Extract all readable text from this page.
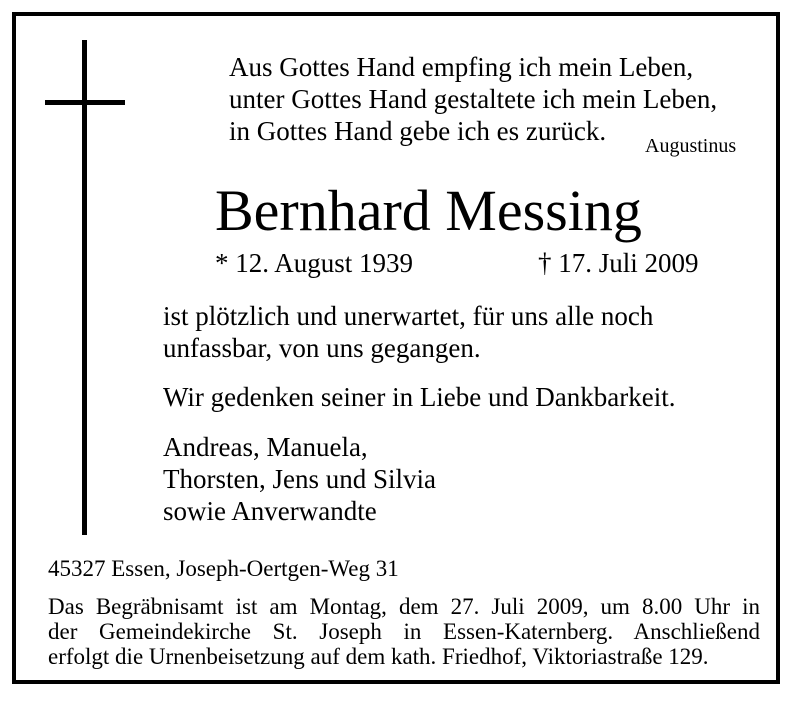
Aus Gottes Hand empfing ich mein Leben,
unter Gottes Hand gestaltete ich mein Leben,
in Gottes Hand gebe ich es zurück.	Augustinus
Bernhard Messing
* 12. August 1939	† 17. Juli 2009
ist plötzlich und unerwartet, für uns alle noch
unfassbar, von uns gegangen.
Wir gedenken seiner in Liebe und Dankbarkeit.
Andreas, Manuela,
Thorsten, Jens und Silvia
sowie Anverwandte
45327 Essen, Joseph-Oertgen-Weg 31
Das Begräbnisamt ist am Montag, dem 27. Juli 2009, um 8.00 Uhr in
der Gemeindekirche St. Joseph in Essen-Katernberg. Anschließend
erfolgt die Urnenbeisetzung auf dem kath. Friedhof, Viktoriastraße 129.
